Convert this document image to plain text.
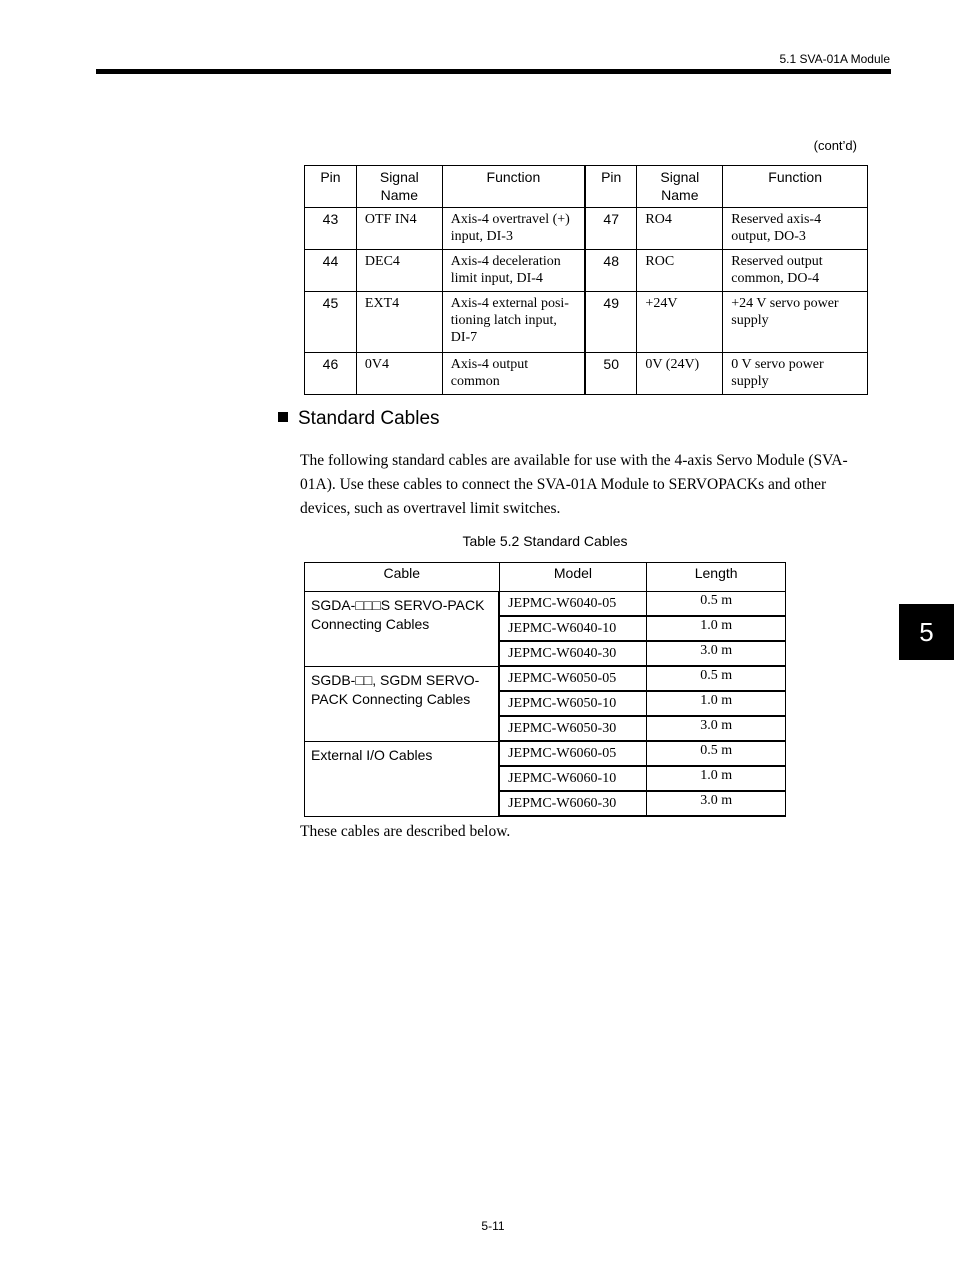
5.1 SVA-01A Module
(cont’d)
Pin	Signal Name	Function	Pin	Signal Name	Function
43	OTF IN4	Axis-4 overtravel (+) input, DI-3	47	RO4	Reserved axis-4 output, DO-3
44	DEC4	Axis-4 deceleration limit input, DI-4	48	ROC	Reserved output common, DO-4
45	EXT4	Axis-4 external posi-tioning latch input, DI-7	49	+24V	+24 V servo power supply
46	0V4	Axis-4 output common	50	0V (24V)	0 V servo power supply
Standard Cables
The following standard cables are available for use with the 4-axis Servo Module (SVA-01A). Use these cables to connect the SVA-01A Module to SERVOPACKs and other devices, such as overtravel limit switches.
Table 5.2 Standard Cables
Cable	Model	Length
SGDA-□□□S SERVO-PACK Connecting Cables	JEPMC-W6040-05	0.5 m
	JEPMC-W6040-10	1.0 m
	JEPMC-W6040-30	3.0 m
SGDB-□□, SGDM SERVO-PACK Connecting Cables	JEPMC-W6050-05	0.5 m
	JEPMC-W6050-10	1.0 m
	JEPMC-W6050-30	3.0 m
External I/O Cables	JEPMC-W6060-05	0.5 m
	JEPMC-W6060-10	1.0 m
	JEPMC-W6060-30	3.0 m
These cables are described below.
5
5-11
